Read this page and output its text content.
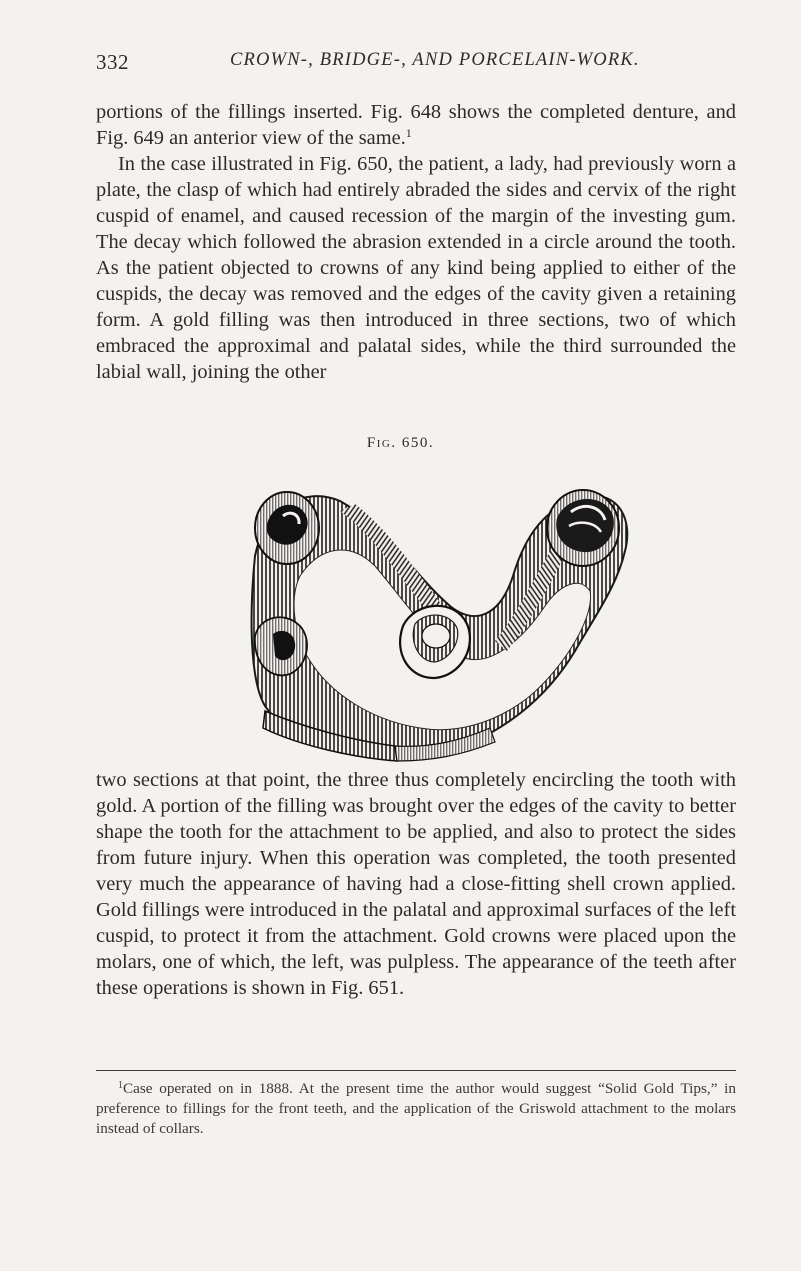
332	CROWN-, BRIDGE-, AND PORCELAIN-WORK.

portions of the fillings inserted. Fig. 648 shows the completed denture, and Fig. 649 an anterior view of the same.$^1$

In the case illustrated in Fig. 650, the patient, a lady, had previously worn a plate, the clasp of which had entirely abraded the sides and cervix of the right cuspid of enamel, and caused recession of the margin of the investing gum. The decay which followed the abrasion extended in a circle around the tooth. As the patient objected to crowns of any kind being applied to either of the cuspids, the decay was removed and the edges of the cavity given a retaining form. A gold filling was then introduced in three sections, two of which embraced the approximal and palatal sides, while the third surrounded the labial wall, joining the other

Fig. 650.

two sections at that point, the three thus completely encircling the tooth with gold. A portion of the filling was brought over the edges of the cavity to better shape the tooth for the attachment to be applied, and also to protect the sides from future injury. When this operation was completed, the tooth presented very much the appearance of having had a close-fitting shell crown applied. Gold fillings were introduced in the palatal and approximal surfaces of the left cuspid, to protect it from the attachment. Gold crowns were placed upon the molars, one of which, the left, was pulpless. The appearance of the teeth after these operations is shown in Fig. 651.

$^1$Case operated on in 1888. At the present time the author would suggest “Solid Gold Tips,” in preference to fillings for the front teeth, and the application of the Griswold attachment to the molars instead of collars.
